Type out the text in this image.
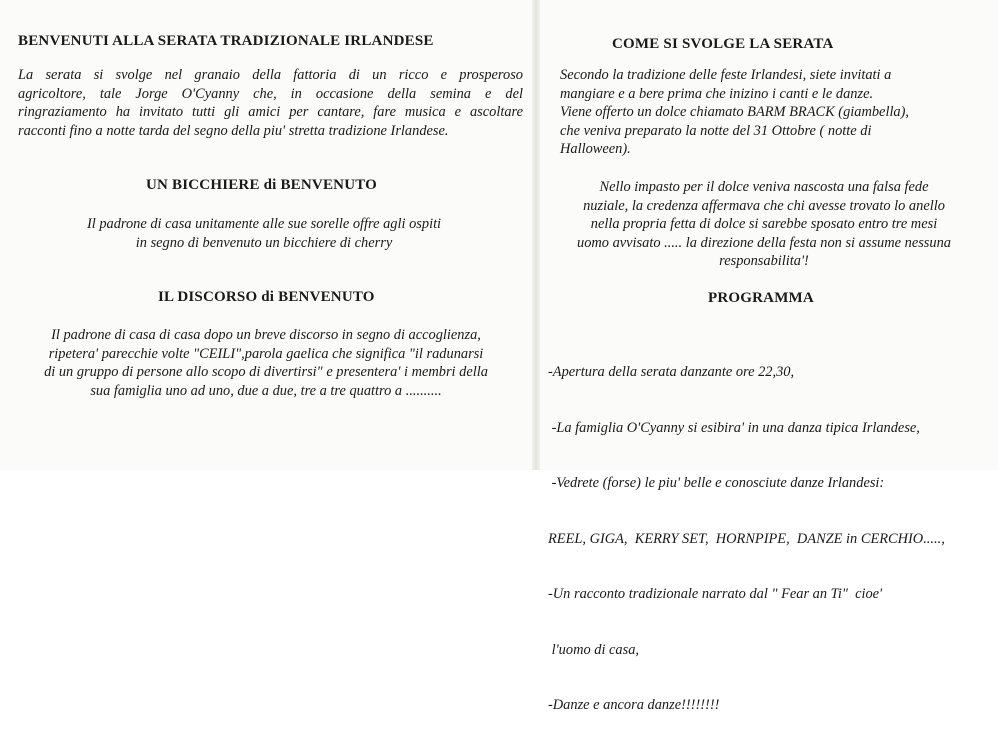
BENVENUTI ALLA SERATA TRADIZIONALE IRLANDESE
La serata si svolge nel granaio della fattoria di un ricco e prosperoso
agricoltore, tale Jorge O'Cyanny che, in occasione della semina e del
ringraziamento ha invitato tutti gli amici per cantare, fare musica e ascoltare
racconti fino a notte tarda del segno della piu' stretta tradizione Irlandese.
UN BICCHIERE di BENVENUTO
Il padrone di casa unitamente alle sue sorelle offre agli ospiti
in segno di benvenuto un bicchiere di cherry
IL DISCORSO di BENVENUTO
Il padrone di casa di casa dopo un breve discorso in segno di accoglienza,
ripetera' parecchie volte "CEILI",parola gaelica che significa "il radunarsi
di un gruppo di persone allo scopo di divertirsi" e presentera' i membri della
sua famiglia uno ad uno, due a due, tre a tre quattro a ..........
COME SI SVOLGE LA SERATA
Secondo la tradizione delle feste Irlandesi, siete invitati a
mangiare e a bere prima che inizino i canti e le danze.
Viene offerto un dolce chiamato BARM BRACK (giambella),
che veniva preparato la notte del 31 Ottobre ( notte di
Halloween).
Nello impasto per il dolce veniva nascosta una falsa fede
nuziale, la credenza affermava che chi avesse trovato lo anello
nella propria fetta di dolce si sarebbe sposato entro tre mesi
uomo avvisato ..... la direzione della festa non si assume nessuna
responsabilita'!
PROGRAMMA

-Apertura della serata danzante ore 22,30,

-La famiglia O'Cyanny si esibira' in una danza tipica Irlandese,

-Vedrete (forse) le piu' belle e conosciute danze Irlandesi:

REEL, GIGA,  KERRY SET,  HORNPIPE,  DANZE in CERCHIO.....,

-Un racconto tradizionale narrato dal " Fear an Ti"  cioe'

l'uomo di casa,

-Danze e ancora danze!!!!!!!!
